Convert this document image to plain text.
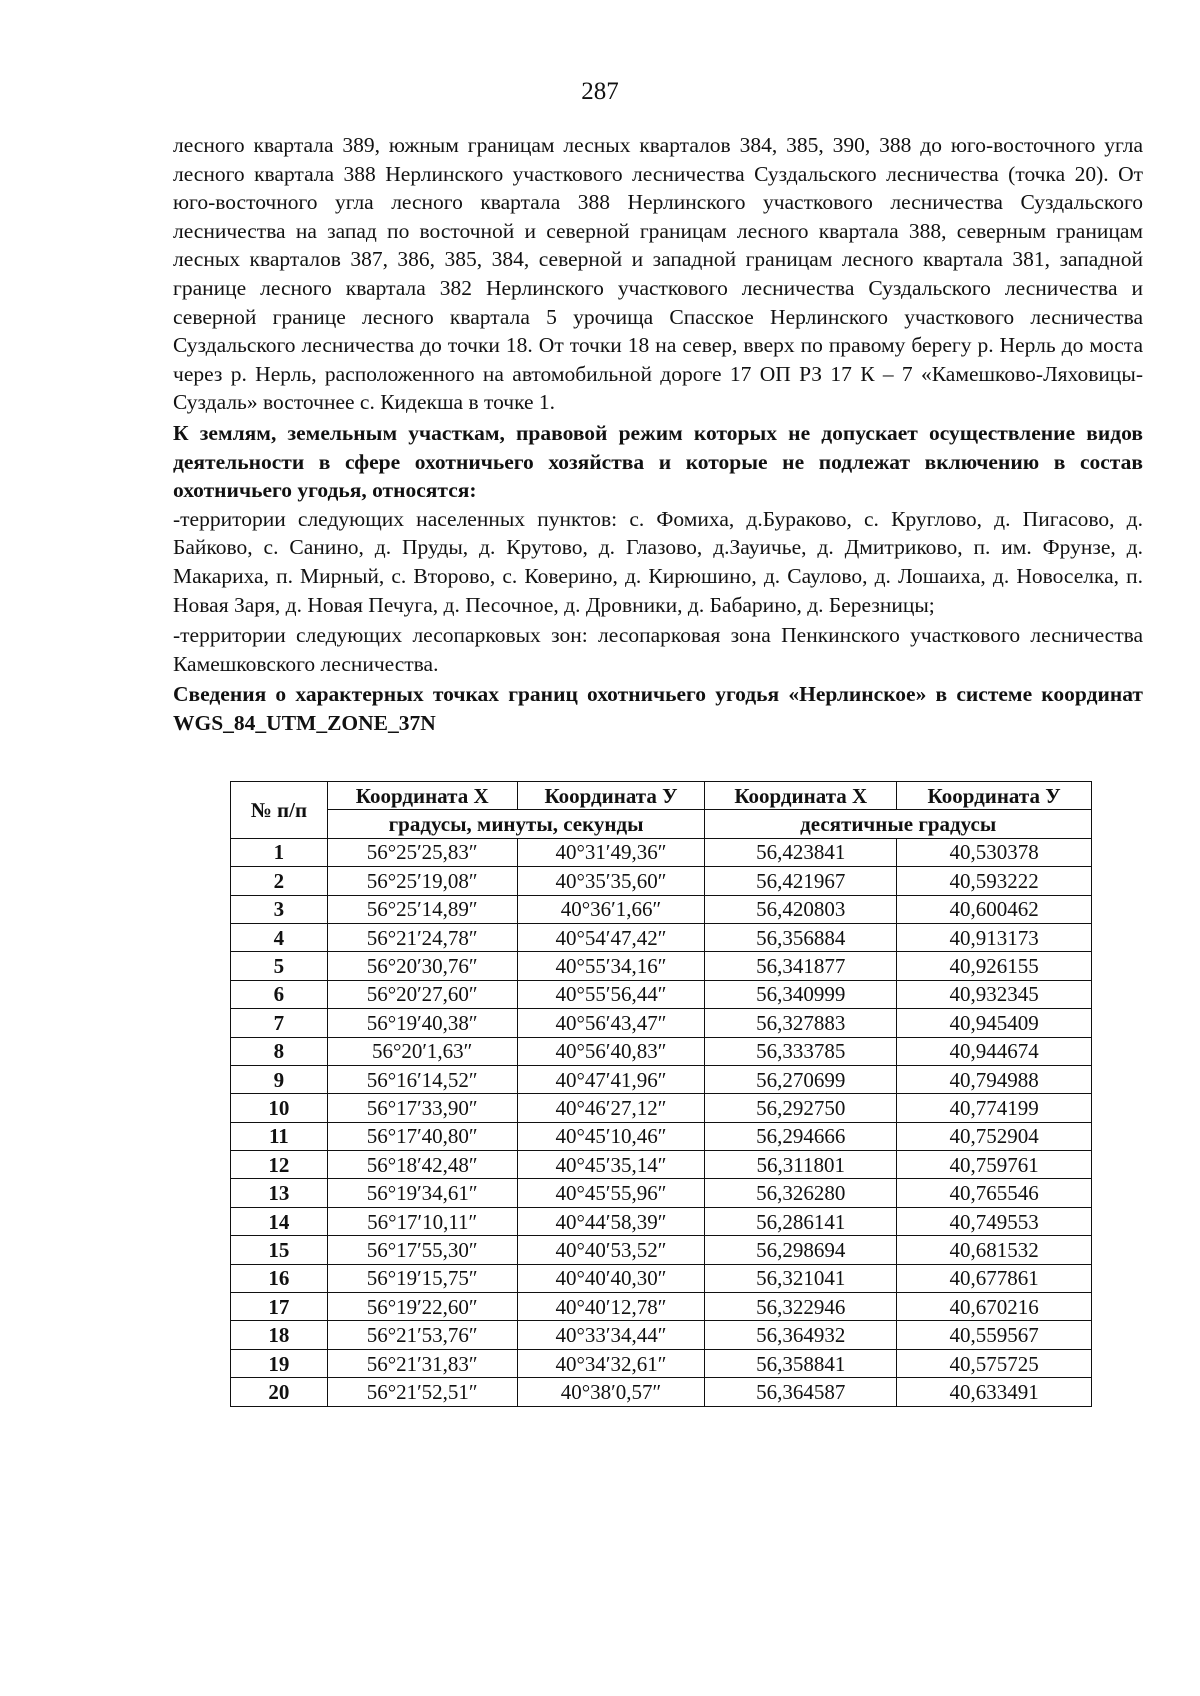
287

лесного квартала 389, южным границам лесных кварталов 384, 385, 390, 388 до юго-восточного угла лесного квартала 388 Нерлинского участкового лесничества Суздальского лесничества (точка 20). От юго-восточного угла лесного квартала 388 Нерлинского участкового лесничества Суздальского лесничества на запад по восточной и северной границам лесного квартала 388, северным границам лесных кварталов 387, 386, 385, 384, северной и западной границам лесного квартала 381, западной границе лесного квартала 382 Нерлинского участкового лесничества Суздальского лесничества и северной границе лесного квартала 5 урочища Спасское Нерлинского участкового лесничества Суздальского лесничества до точки 18. От точки 18 на север, вверх по правому берегу р. Нерль до моста через р. Нерль, расположенного на автомобильной дороге 17 ОП РЗ 17 К – 7 «Камешково-Ляховицы-Суздаль» восточнее с. Кидекша в точке 1.

К землям, земельным участкам, правовой режим которых не допускает осуществление видов деятельности в сфере охотничьего хозяйства и которые не подлежат включению в состав охотничьего угодья, относятся:

-территории следующих населенных пунктов: с. Фомиха, д.Бураково, с. Круглово, д. Пигасово, д. Байково, с. Санино, д. Пруды, д. Крутово, д. Глазово, д.Зауичье, д. Дмитриково, п. им. Фрунзе, д. Макариха, п. Мирный, с. Второво, с. Коверино, д. Кирюшино, д. Саулово, д. Лошаиха, д. Новоселка, п. Новая Заря, д. Новая Печуга, д. Песочное, д. Дровники, д. Бабарино, д. Березницы;

-территории следующих лесопарковых зон: лесопарковая зона Пенкинского участкового лесничества Камешковского лесничества.

Сведения о характерных точках границ охотничьего угодья «Нерлинское» в системе координат WGS_84_UTM_ZONE_37N

№ п/п	Координата Х	Координата У	Координата Х	Координата У
	градусы, минуты, секунды		десятичные градусы	
1	56°25′25,83″	40°31′49,36″	56,423841	40,530378
2	56°25′19,08″	40°35′35,60″	56,421967	40,593222
3	56°25′14,89″	40°36′1,66″	56,420803	40,600462
4	56°21′24,78″	40°54′47,42″	56,356884	40,913173
5	56°20′30,76″	40°55′34,16″	56,341877	40,926155
6	56°20′27,60″	40°55′56,44″	56,340999	40,932345
7	56°19′40,38″	40°56′43,47″	56,327883	40,945409
8	56°20′1,63″	40°56′40,83″	56,333785	40,944674
9	56°16′14,52″	40°47′41,96″	56,270699	40,794988
10	56°17′33,90″	40°46′27,12″	56,292750	40,774199
11	56°17′40,80″	40°45′10,46″	56,294666	40,752904
12	56°18′42,48″	40°45′35,14″	56,311801	40,759761
13	56°19′34,61″	40°45′55,96″	56,326280	40,765546
14	56°17′10,11″	40°44′58,39″	56,286141	40,749553
15	56°17′55,30″	40°40′53,52″	56,298694	40,681532
16	56°19′15,75″	40°40′40,30″	56,321041	40,677861
17	56°19′22,60″	40°40′12,78″	56,322946	40,670216
18	56°21′53,76″	40°33′34,44″	56,364932	40,559567
19	56°21′31,83″	40°34′32,61″	56,358841	40,575725
20	56°21′52,51″	40°38′0,57″	56,364587	40,633491
